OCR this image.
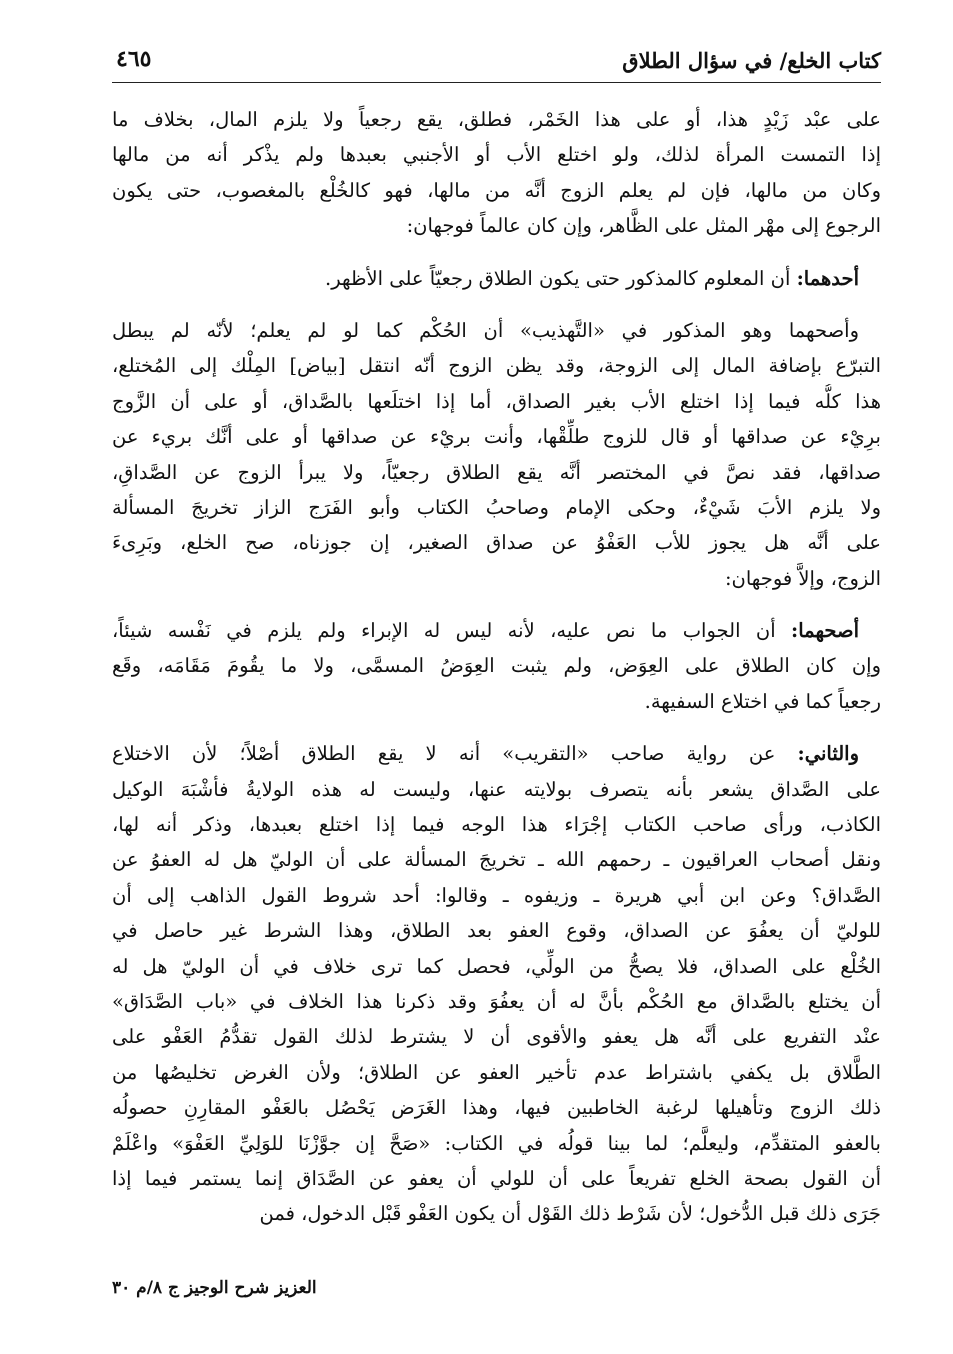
كتاب الخلع/ في سؤال الطلاق
٤٦٥
على عبْد زَيْدٍ هذا، أو على هذا الخَمْر، فطلق، يقع رجعياً ولا يلزم المال، بخلاف ما
إذا التمست المرأة لذلك، ولو اختلع الأب أو الأجنبي بعبدها ولم يذْكر أنه من مالها
وكان من مالها، فإن لم يعلم الزوج أنَّه من مالها، فهو كالخُلْع بالمغصوب، حتى يكون
الرجوع إلى مهْر المثل على الظَّاهر، وإن كان عالماً فوجهان:
أحدهما: أن المعلوم كالمذكور حتى يكون الطلاق رجعيّاً على الأظهر.
وأصحهما وهو المذكور في «التَّهذيب» أن الحُكْم كما لو لم يعلم؛ لأنّه لم يبطل
التبرّع بإضافة المال إلى الزوجة، وقد يظن الزوج أنّه انتقل [بياض] المِلْك إلى المُختلع،
هذا كلُّه فيما إذا اختلع الأب بغير الصداق، أما إذا اختلَعها بالصَّداق، أو على أن الزَّوج
برِيْء عن صداقها أو قال للزوج طلِّقْها، وأنت بريْء عن صداقها أو على أنَّك بريء عن
صداقها، فقد نصَّ في المختصر أنَّه يقع الطلاق رجعيّاً، ولا يبرأ الزوج عن الصَّداقِ،
ولا يلزم الأبَ شَيْءٌ، وحكى الإمام وصاحبُ الكتاب وأبو الفَرَج الزاز تخريجَ المسألة
على أنَّه هل يجوز للأب العَفْوُ عن صداق الصغير، إن جوزناه، صح الخلع، وبَرِىءَ
الزوج، وإلاَّ فوجهان:
أصحهما: أن الجواب ما نص عليه، لأنه ليس له الإبراء ولم يلزم في نَفْسه شيئاً،
وإن كان الطلاق على العِوَض، ولم يثبت العِوَضُ المسمَّى، ولا ما يقُومَ مَقَامَه، وقَع
رجعياً كما في اختلاع السفيهة.
والثاني: عن رواية صاحب «التقريب» أنه لا يقع الطلاق أصْلاً؛ لأن الاختلاع
على الصَّداق يشعر بأنه يتصرف بولايته عنها، وليست له هذه الولايةُ فأشْبَهَ الوكيل
الكاذب، ورأى صاحب الكتاب إجْرَاء هذا الوجه فيما إذا اختلع بعبدها، وذكر أنه لها،
ونقل أصحاب العراقيون ـ رحمهم الله ـ تخريجَ المسألة على أن الوليّ هل له العفوُ عن
الصَّداق؟ وعن ابن أبي هريرة ـ وزيفوه ـ وقالوا: أحد شروط القول الذاهب إلى أن
للوليّ أن يعفُوَ عن الصداق، وقوع العفو بعد الطلاق، وهذا الشرط غير حاصل في
الخُلْع على الصداق، فلا يصحُّ من الولِّي، فحصل كما ترى خلاف في أن الوليّ هل له
أن يختلع بالصَّداق مع الحُكْم بأنَّ له أن يعفُوَ وقد ذكرنا هذا الخلاف في «باب الصَّدَاق»
عنْد التفريع على أنَّه هل يعفو والأقوى أن لا يشترط لذلك القول تقدُّمُ العَفْو على
الطَّلاق بل يكفي باشتراط عدم تأخير العفو عن الطلاق؛ ولأن الغرض تخليصُها من
ذلك الزوج وتأهيلها لرغبة الخاطبين فيها، وهذا الغَرَض يَحْصُل بالعَفْو المقارِنِ حصولُه
بالعفو المتقدِّم، وليعلَّم؛ لما بينا قولُه في الكتاب: «صَحَّ إن جوَّزْنَا للوَلِيِّ العَفْوَ» واعْلَمْ
أن القول بصحة الخلع تفريعاً على أن للولي أن يعفو عن الصَّدَاق إنما يستمر فيما إذا
جَرَى ذلك قبل الدُّخول؛ لأن شَرْط ذلك القَوْل أن يكون العَفْو قَبْل الدخول، فمن
العزيز شرح الوجيز ج ٨/م ٣٠
